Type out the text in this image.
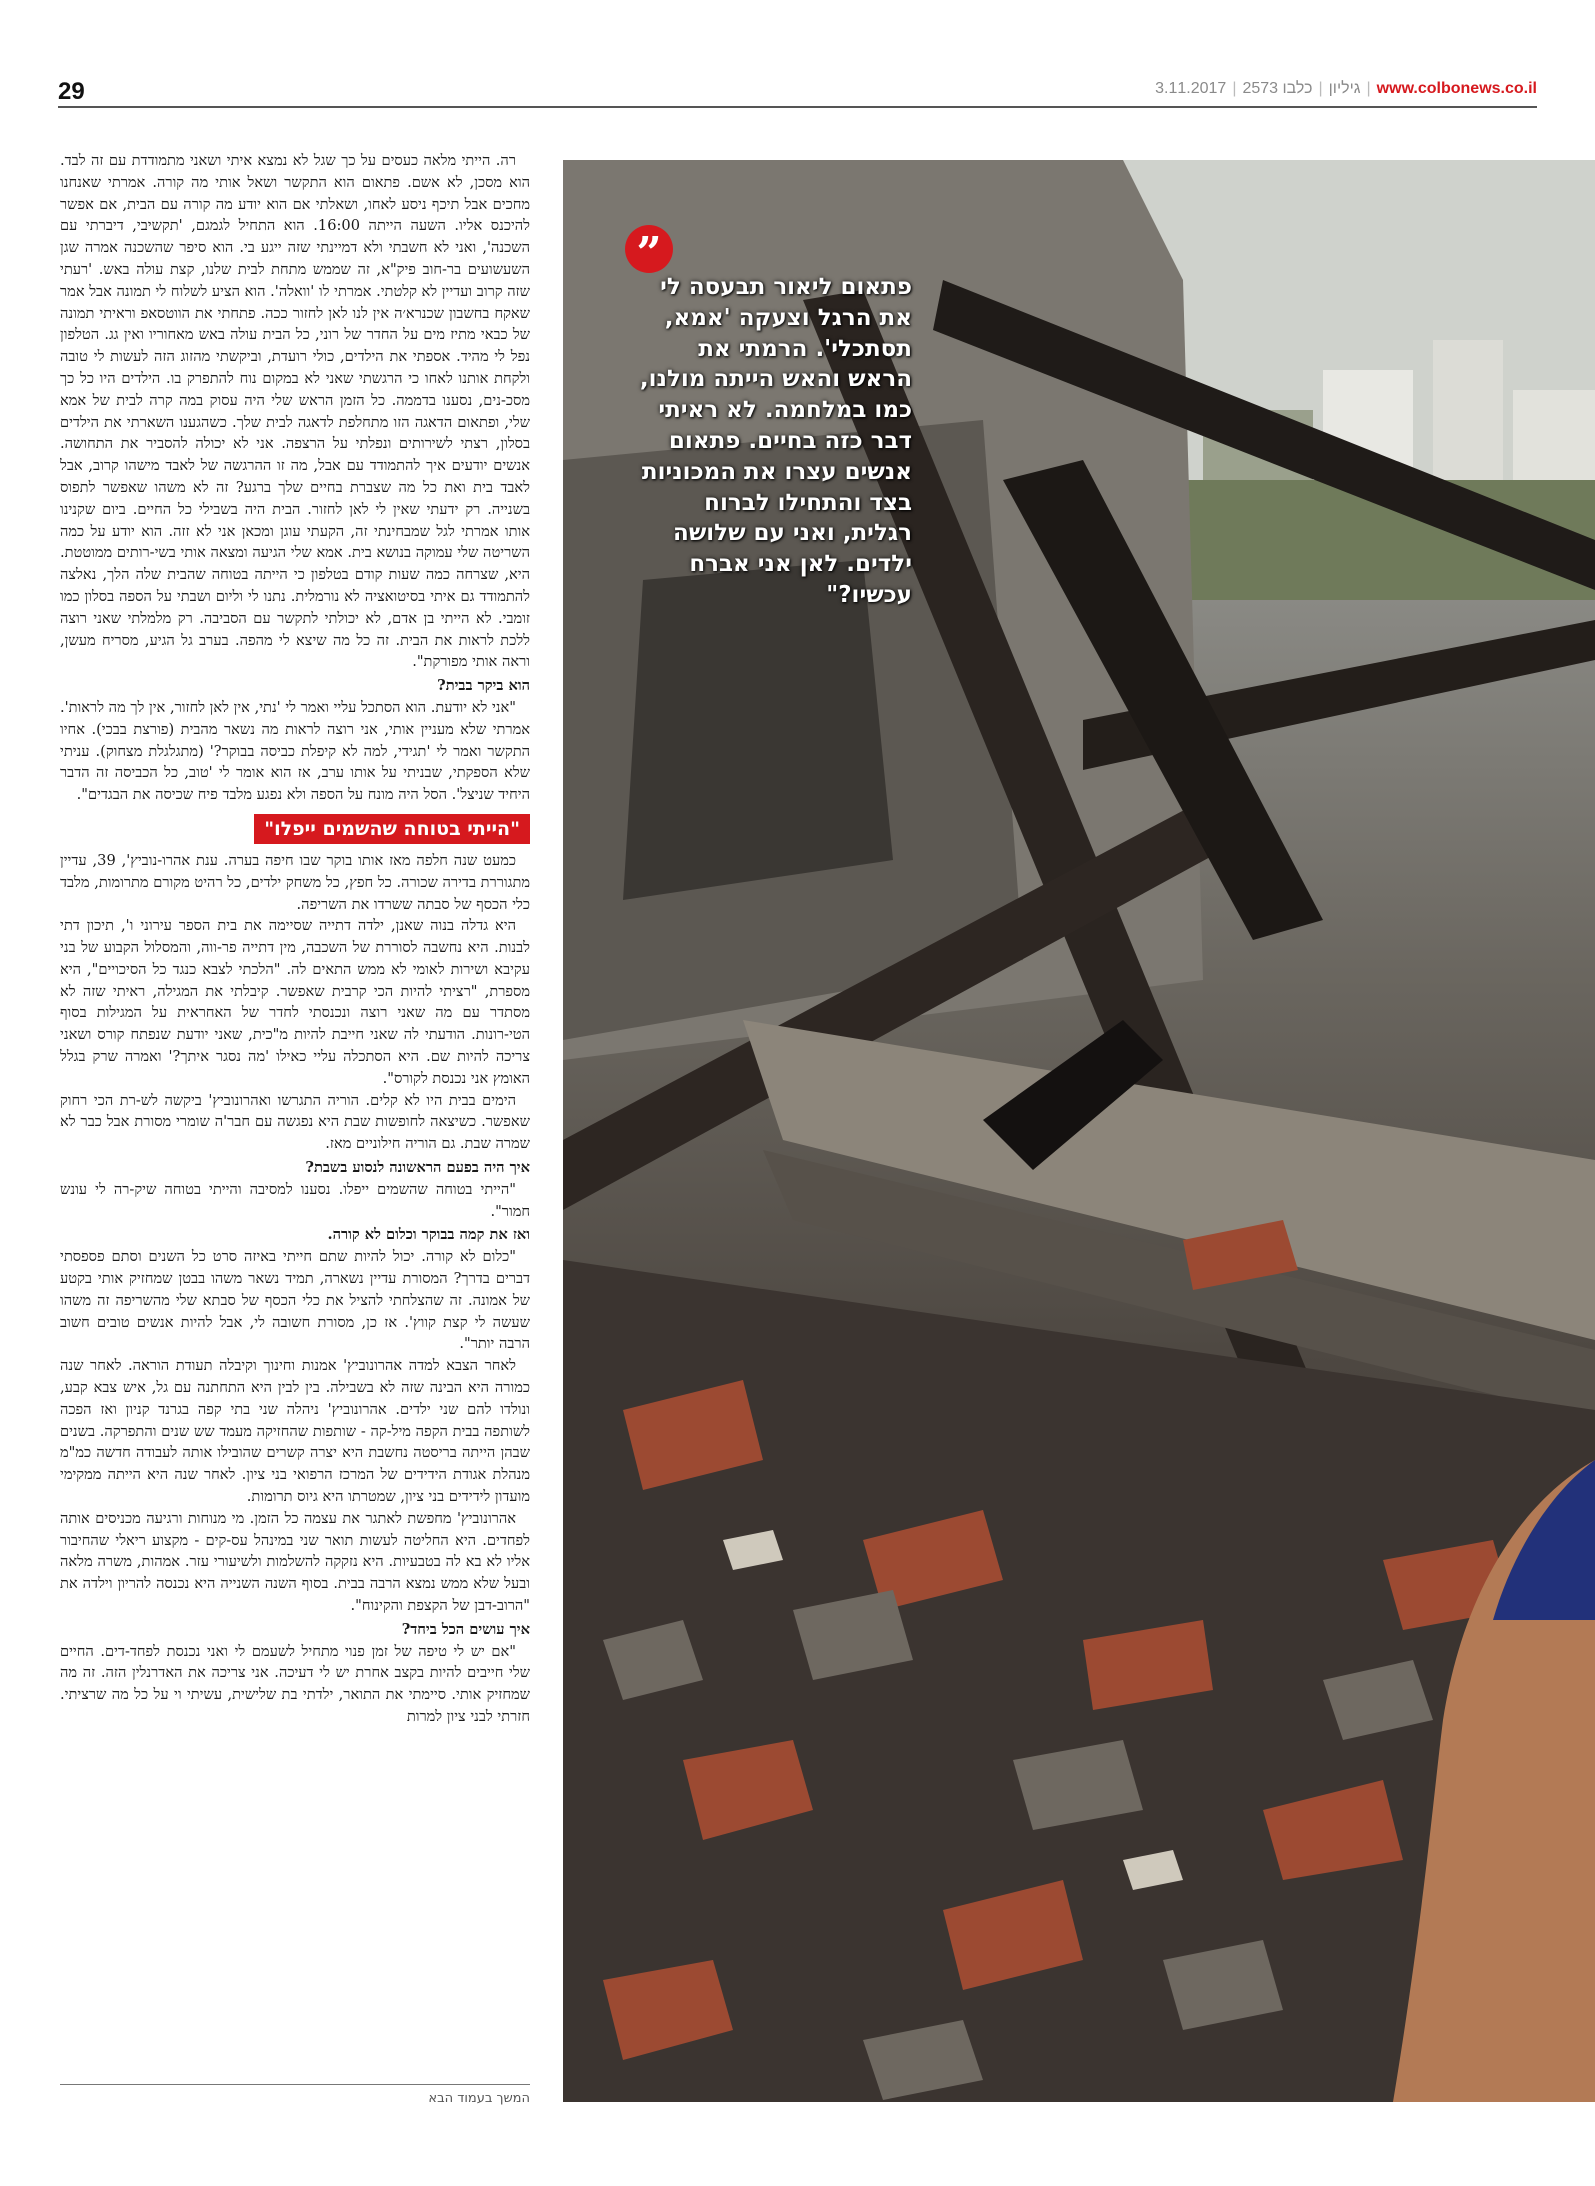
29	3.11.2017 | 2573 גיליון|כלבו	| www.colbonews.co.il

רה. הייתי מלאה כעסים על כך שגל לא נמצא איתי ושאני מתמודדת עם זה לבד. הוא מסכן, לא אשם. פתאום הוא התקשר ושאל אותי מה קורה. אמרתי שאנחנו מחכים אבל תיכף ניסע לאחו, ושאלתי אם הוא יודע מה קורה עם הבית, אם אפשר להיכנס אליו. השעה הייתה 16:00. הוא התחיל לגמגם, 'תקשיבי, דיברתי עם השכנה', ואני לא חשבתי ולא דמיינתי שזה ייגע בי. הוא סיפר שהשכנה אמרה שגן השעשועים בר-חוב פיק"א, זה שממש מתחת לבית שלנו, קצת עולה באש. 'רעתי שזה קרוב ועדיין לא קלטתי. אמרתי לו 'וואלה'. הוא הציע לשלוח לי תמונה אבל אמר שאקח בחשבון שכנרא׳ה אין לנו לאן לחזור ככה. פתחתי את הווטסאפ וראיתי תמונה של כבאי מתיז מים על החדר של רוני, כל הבית עולה באש מאחוריו ואין גג. הטלפון נפל לי מהיד. אספתי את הילדים, כולי רועדת, וביקשתי מהזוג הזה לעשות לי טובה ולקחת אותנו לאחו כי הרגשתי שאני לא במקום נוח להתפרק בו. הילדים היו כל כך מסכ-נים, נסענו בדממה. כל הזמן הראש שלי היה עסוק במה קרה לבית של אמא שלי, ופתאום הדאגה הזו מתחלפת לדאגה לבית שלך. כשהגענו השארתי את הילדים בסלון, רצתי לשירותים ונפלתי על הרצפה. אני לא יכולה להסביר את התחושה. אנשים יודעים איך להתמודד עם אבל, מה זו ההרגשה של לאבד מישהו קרוב, אבל לאבד בית ואת כל מה שצברת בחיים שלך ברגע? זה לא משהו שאפשר לתפוס בשנייה. רק ידעתי שאין לי לאן לחזור. הבית היה בשבילי כל החיים. ביום שקנינו אותו אמרתי לגל שמבחינתי זה, הקעתי עוגן ומכאן אני לא זזה. הוא יודע על כמה השריטה שלי עמוקה בנושא בית. אמא שלי הגיעה ומצאה אותי בשי-רותים ממוטטת. היא, שצרחה כמה שעות קודם בטלפון כי הייתה בטוחה שהבית שלה הלך, נאלצה להתמודד גם איתי בסיטואציה לא נורמלית. נתנו לי וליום ושבתי על הספה בסלון כמו זומבי. לא הייתי בן אדם, לא יכולתי לתקשר עם הסביבה. רק מלמלתי שאני רוצה ללכת לראות את הבית. זה כל מה שיצא לי מהפה. בערב גל הגיע, מסריח מעשן, וראה אותי מפורקת".

הוא ביקר בבית?

"אני לא יודעת. הוא הסתכל עליי ואמר לי 'נתי, אין לאן לחזור, אין לך מה לראות'. אמרתי שלא מעניין אותי, אני רוצה לראות מה נשאר מהבית (פורצת בבכי). אחיו התקשר ואמר לי 'תגידי, למה לא קיפלת כביסה בבוקר?' (מתגלגלת מצחוק). עניתי שלא הספקתי, שבניתי על אותו ערב, אז הוא אומר לי 'טוב, כל הכביסה זה הדבר היחיד שניצל'. הסל היה מונח על הספה ולא נפגע מלבד פיח שכיסה את הבגדים".

"הייתי בטוחה שהשמים ייפלו"

כמעט שנה חלפה מאז אותו בוקר שבו חיפה בערה. ענת אהרו-נוביץ', 39, עדיין מתגוררת בדירה שכורה. כל חפץ, כל משחק ילדים, כל רהיט מקורם מתרומות, מלבד כלי הכסף של סבתה ששרדו את השריפה.

היא גדלה בנוה שאנן, ילדה דתייה שסיימה את בית הספר עירוני ו', תיכון דתי לבנות. היא נחשבה לסוררת של השכבה, מין דתייה פר-ווה, והמסלול הקבוע של בני עקיבא ושירות לאומי לא ממש התאים לה. "הלכתי לצבא כנגד כל הסיכויים", היא מספרת, "רציתי להיות הכי קרבית שאפשר. קיבלתי את המגילה, ראיתי שזה לא מסתדר עם מה שאני רוצה ונכנסתי לחדר של האחראית על המגילות בסוף הטי-רונות. הודעתי לה שאני חייבת להיות מ"כית, שאני יודעת שנפתח קורס ושאני צריכה להיות שם. היא הסתכלה עליי כאילו 'מה נסגר איתך?' ואמרה שרק בגלל האומץ אני נכנסת לקורס".

הימים בבית היו לא קלים. הוריה התגרשו ואהרונוביץ' ביקשה לש-רת הכי רחוק שאפשר. כשיצאה לחופשות שבת היא נפגשה עם חבר'ה שומרי מסורת אבל כבר לא שמרה שבת. גם הוריה חילוניים מאז.

איך היה בפעם הראשונה לנסוע בשבת?

"הייתי בטוחה שהשמים ייפלו. נסענו למסיבה והייתי בטוחה שיק-רה לי עונש חמור".

ואז את קמה בבוקר וכלום לא קורה.

"כלום לא קורה. יכול להיות שתם חייתי באיזה סרט כל השנים וסתם פספסתי דברים בדרך? המסורת עדיין נשארה, תמיד נשאר משהו בבטן שמחזיק אותי בקטע של אמונה. זה שהצלחתי להציל את כלי הכסף של סבתא שלי מהשריפה זה משהו שעשה לי קצת קווץ'. אז כן, מסורת חשובה לי, אבל להיות אנשים טובים חשוב הרבה יותר".

לאחר הצבא למדה אהרונוביץ' אמנות וחינוך וקיבלה תעודת הוראה. לאחר שנה כמורה היא הבינה שזה לא בשבילה. בין לבין היא התחתנה עם גל, איש צבא קבע, ונולדו להם שני ילדים. אהרונוביץ' ניהלה שני בתי קפה בגרנד קניון ואז הפכה לשותפה בבית הקפה מיל-קה - שותפות שהחזיקה מעמד שש שנים והתפרקה. בשנים שבהן הייתה בריסטה נחשבת היא יצרה קשרים שהובילו אותה לעבודה חדשה כמ"מ מנהלת אגודת הידידים של המרכז הרפואי בני ציון. לאחר שנה היא הייתה ממקימי מועדון לידידים בני ציון, שמטרתו היא גיוס תרומות.

אהרונוביץ' מחפשת לאתגר את עצמה כל הזמן. מי מנוחות ורגיעה מכניסים אותה לפחדים. היא החליטה לעשות תואר שני במינהל עס-קים - מקצוע ריאלי שהחיבור אליו לא בא לה בטבעיות. היא נזקקה להשלמות ולשיעורי עזר. אמהות, משרה מלאה ובעל שלא ממש נמצא הרבה בבית. בסוף השנה השנייה היא נכנסה להריון וילדה את "הרוב-דבן של הקצפת והקינוח".

איך עושים הכל ביחד?

"אם יש לי טיפה של זמן פנוי מתחיל לשעמם לי ואני נכנסת לפחד-דים. החיים שלי חייבים להיות בקצב אחרת יש לי דעיכה. אני צריכה את האדרנלין הזה. זה מה שמחזיק אותי. סיימתי את התואר, ילדתי בת שלישית, עשיתי וי על כל מה שרציתי. חזרתי לבני ציון למרות

המשך בעמוד הבא
”
פתאום ליאור תבעסה לי את הרגל וצעקה 'אמא, תסתכלי'. הרמתי את הראש והאש הייתה מולנו, כמו במלחמה. לא ראיתי דבר כזה בחיים. פתאום אנשים עצרו את המכוניות בצד והתחילו לברוח רגלית, ואני עם שלושה ילדים. לאן אני אברח עכשיו?"
